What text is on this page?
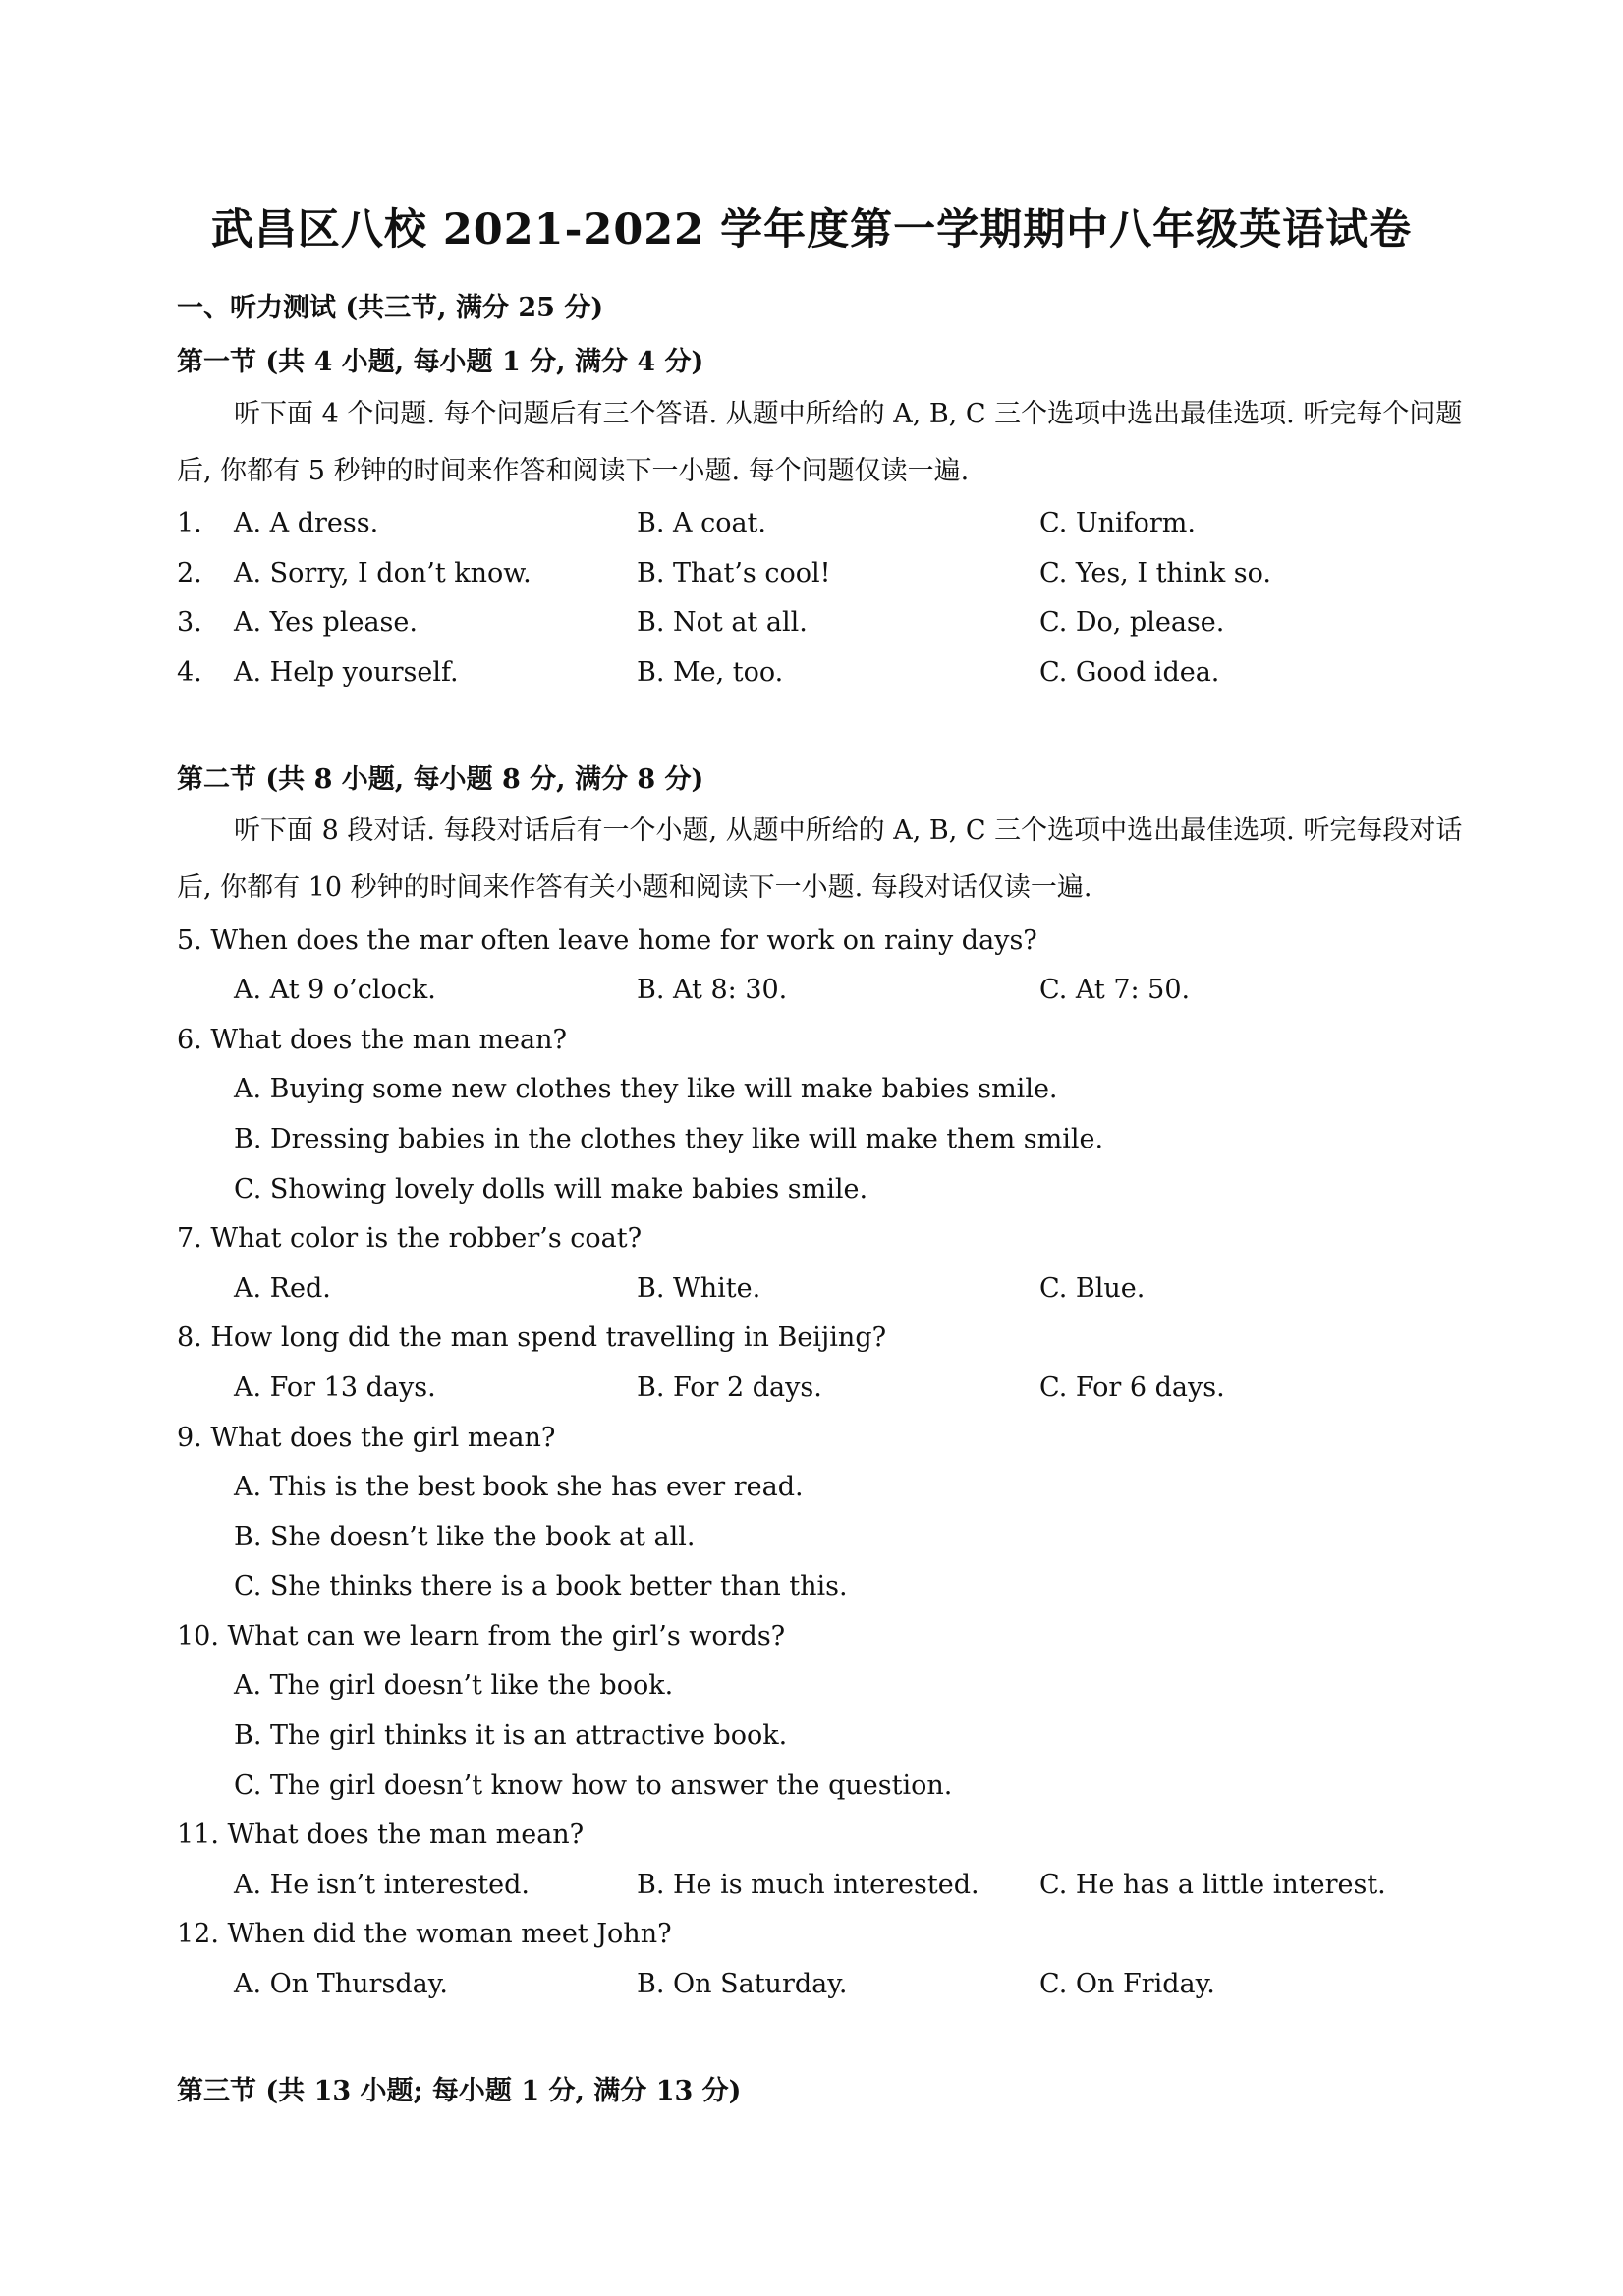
武昌区八校 2021-2022 学年度第一学期期中八年级英语试卷
一、听力测试 (共三节, 满分 25 分)
第一节 (共 4 小题, 每小题 1 分, 满分 4 分)
听下面 4 个问题. 每个问题后有三个答语. 从题中所给的 A, B, C 三个选项中选出最佳选项. 听完每个问题后, 你都有 5 秒钟的时间来作答和阅读下一小题. 每个问题仅读一遍.
1. A. A dress.	B. A coat.	C. Uniform.
2. A. Sorry, I don’t know.	B. That’s cool!	C. Yes, I think so.
3. A. Yes please.	B. Not at all.	C. Do, please.
4. A. Help yourself.	B. Me, too.	C. Good idea.
第二节 (共 8 小题, 每小题 8 分, 满分 8 分)
听下面 8 段对话. 每段对话后有一个小题, 从题中所给的 A, B, C 三个选项中选出最佳选项. 听完每段对话后, 你都有 10 秒钟的时间来作答有关小题和阅读下一小题. 每段对话仅读一遍.
5. When does the mar often leave home for work on rainy days?
A. At 9 o’clock.	B. At 8: 30.	C. At 7: 50.
6. What does the man mean?
A. Buying some new clothes they like will make babies smile.
B. Dressing babies in the clothes they like will make them smile.
C. Showing lovely dolls will make babies smile.
7. What color is the robber’s coat?
A. Red.	B. White.	C. Blue.
8. How long did the man spend travelling in Beijing?
A. For 13 days.	B. For 2 days.	C. For 6 days.
9. What does the girl mean?
A. This is the best book she has ever read.
B. She doesn’t like the book at all.
C. She thinks there is a book better than this.
10. What can we learn from the girl’s words?
A. The girl doesn’t like the book.
B. The girl thinks it is an attractive book.
C. The girl doesn’t know how to answer the question.
11. What does the man mean?
A. He isn’t interested.	B. He is much interested. C. He has a little interest.
12. When did the woman meet John?
A. On Thursday.	B. On Saturday.	C. On Friday.
第三节 (共 13 小题; 每小题 1 分, 满分 13 分)
